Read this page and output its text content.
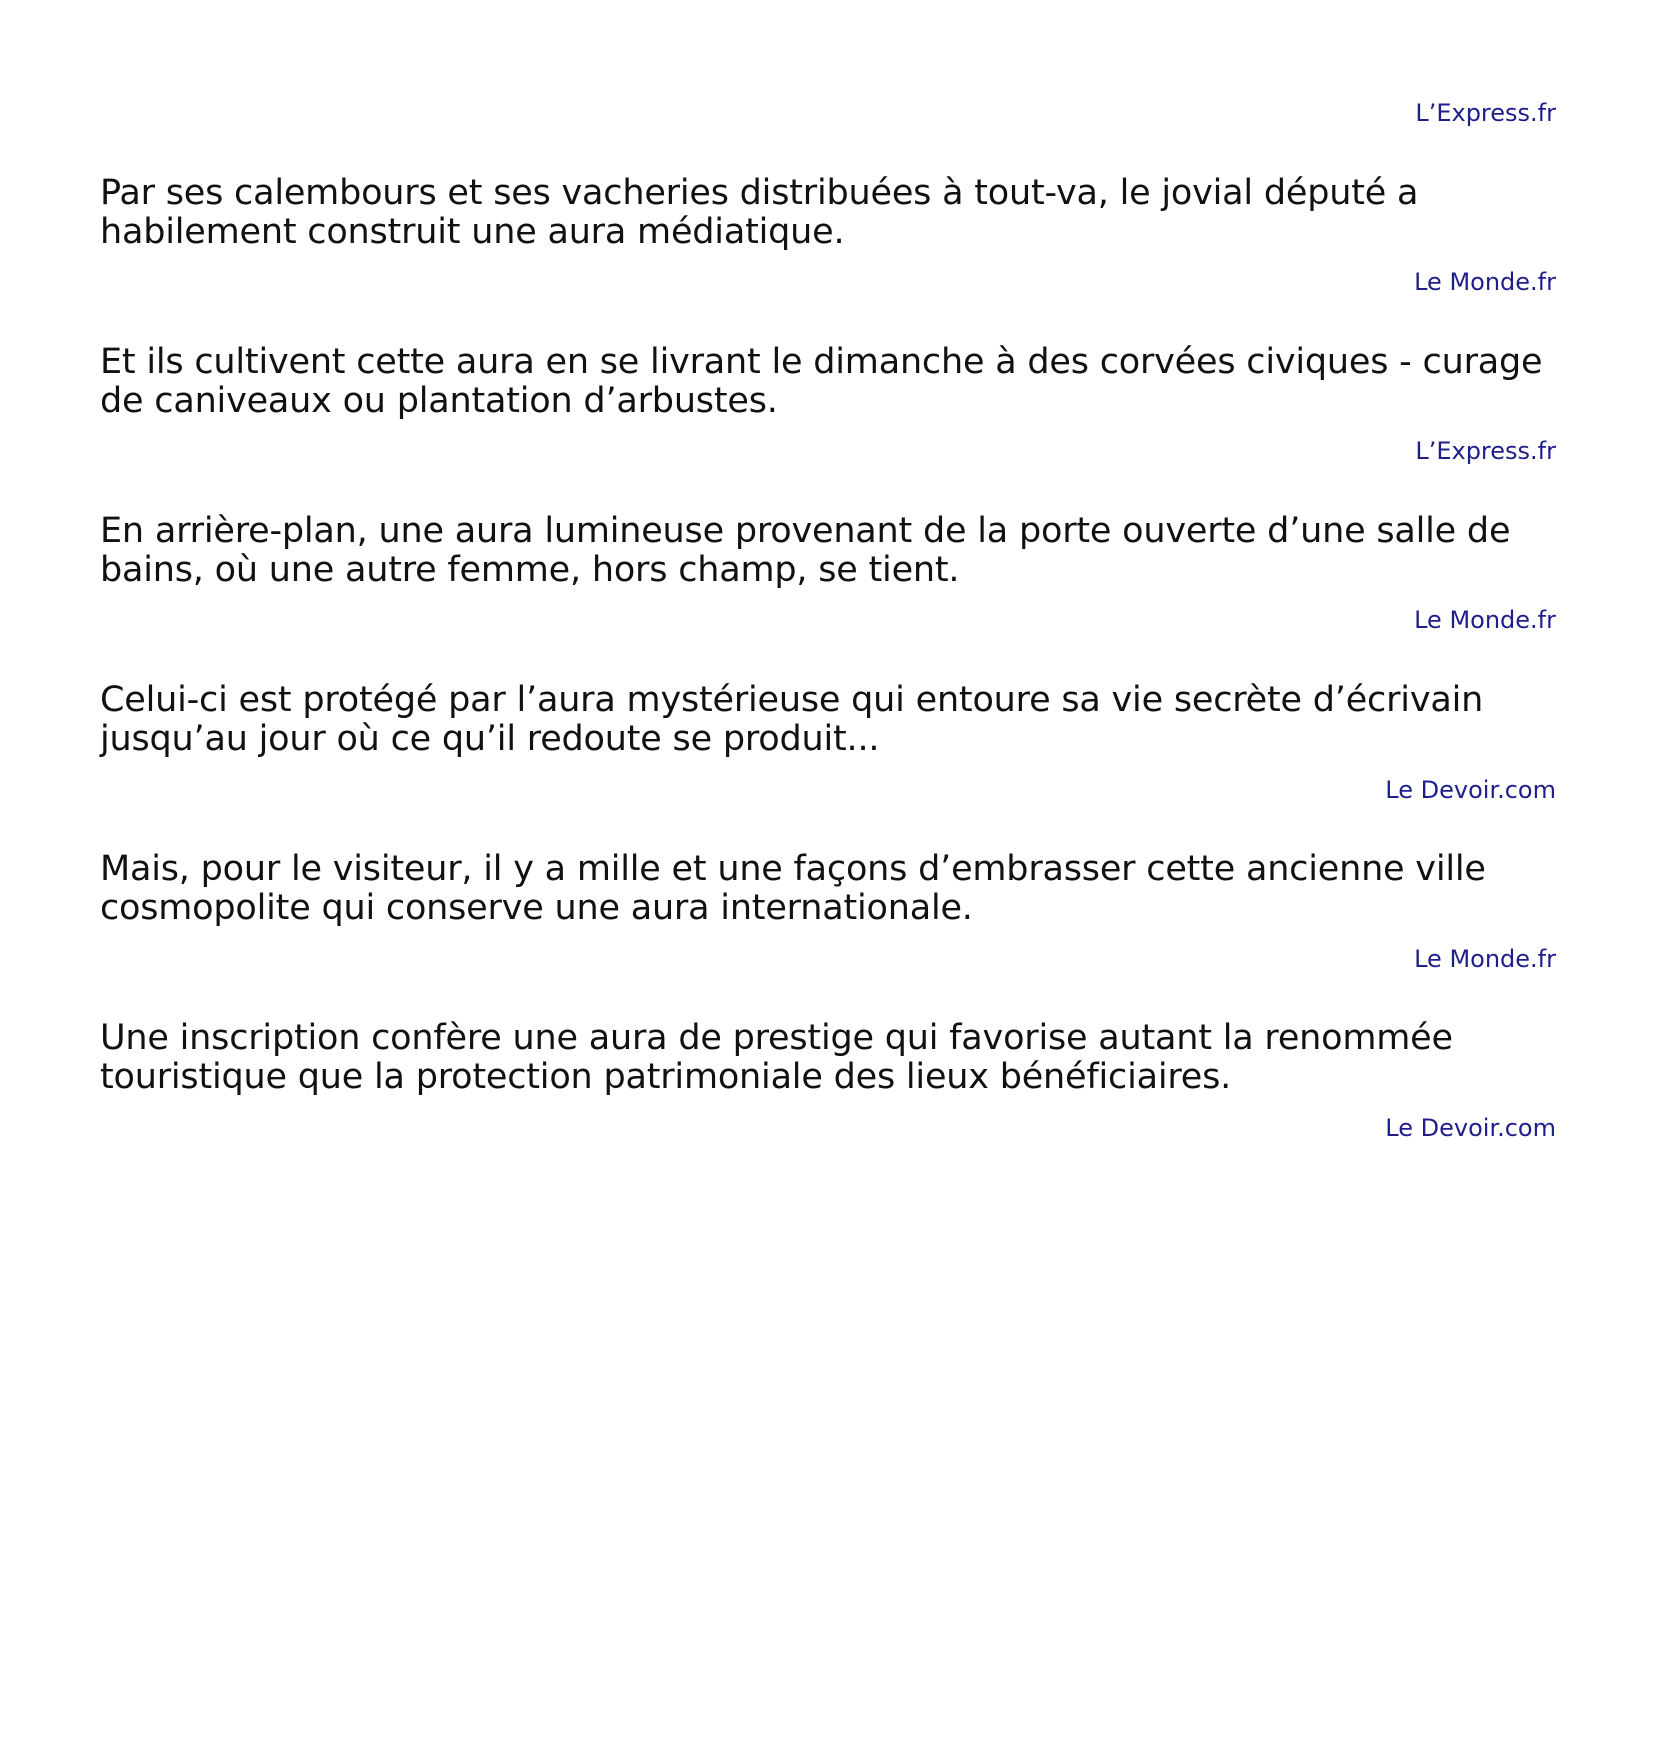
L’Express.fr
Par ses calembours et ses vacheries distribuées à tout-va, le jovial député a
habilement construit une aura médiatique.
Le Monde.fr
Et ils cultivent cette aura en se livrant le dimanche à des corvées civiques - curage
de caniveaux ou plantation d’arbustes.
L’Express.fr
En arrière-plan, une aura lumineuse provenant de la porte ouverte d’une salle de
bains, où une autre femme, hors champ, se tient.
Le Monde.fr
Celui-ci est protégé par l’aura mystérieuse qui entoure sa vie secrète d’écrivain
jusqu’au jour où ce qu’il redoute se produit...
Le Devoir.com
Mais, pour le visiteur, il y a mille et une façons d’embrasser cette ancienne ville
cosmopolite qui conserve une aura internationale.
Le Monde.fr
Une inscription confère une aura de prestige qui favorise autant la renommée
touristique que la protection patrimoniale des lieux bénéficiaires.
Le Devoir.com
